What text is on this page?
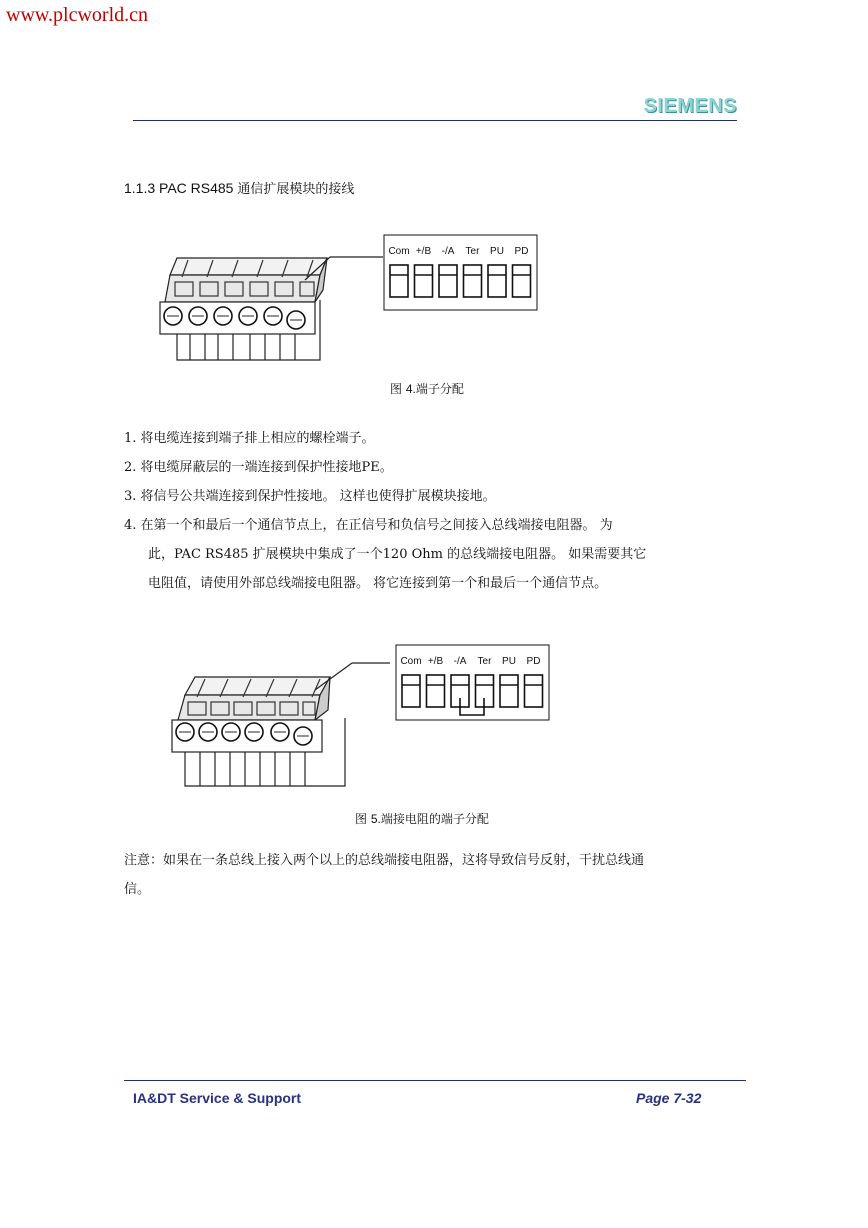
www.plcworld.cn
SIEMENS
1.1.3 PAC RS485 通信扩展模块的接线
Com +/B -/A Ter PU PD
图 4.端子分配
1. 将电缆连接到端子排上相应的螺栓端子。
2. 将电缆屏蔽层的一端连接到保护性接地PE。
3. 将信号公共端连接到保护性接地。 这样也使得扩展模块接地。
4. 在第一个和最后一个通信节点上，在正信号和负信号之间接入总线端接电阻器。 为
此，PAC RS485 扩展模块中集成了一个120 Ohm 的总线端接电阻器。 如果需要其它
电阻值，请使用外部总线端接电阻器。 将它连接到第一个和最后一个通信节点。
Com +/B -/A Ter PU PD
图 5.端接电阻的端子分配
注意：如果在一条总线上接入两个以上的总线端接电阻器，这将导致信号反射，干扰总线通
信。
IA&DT Service & Support	Page 7-32
